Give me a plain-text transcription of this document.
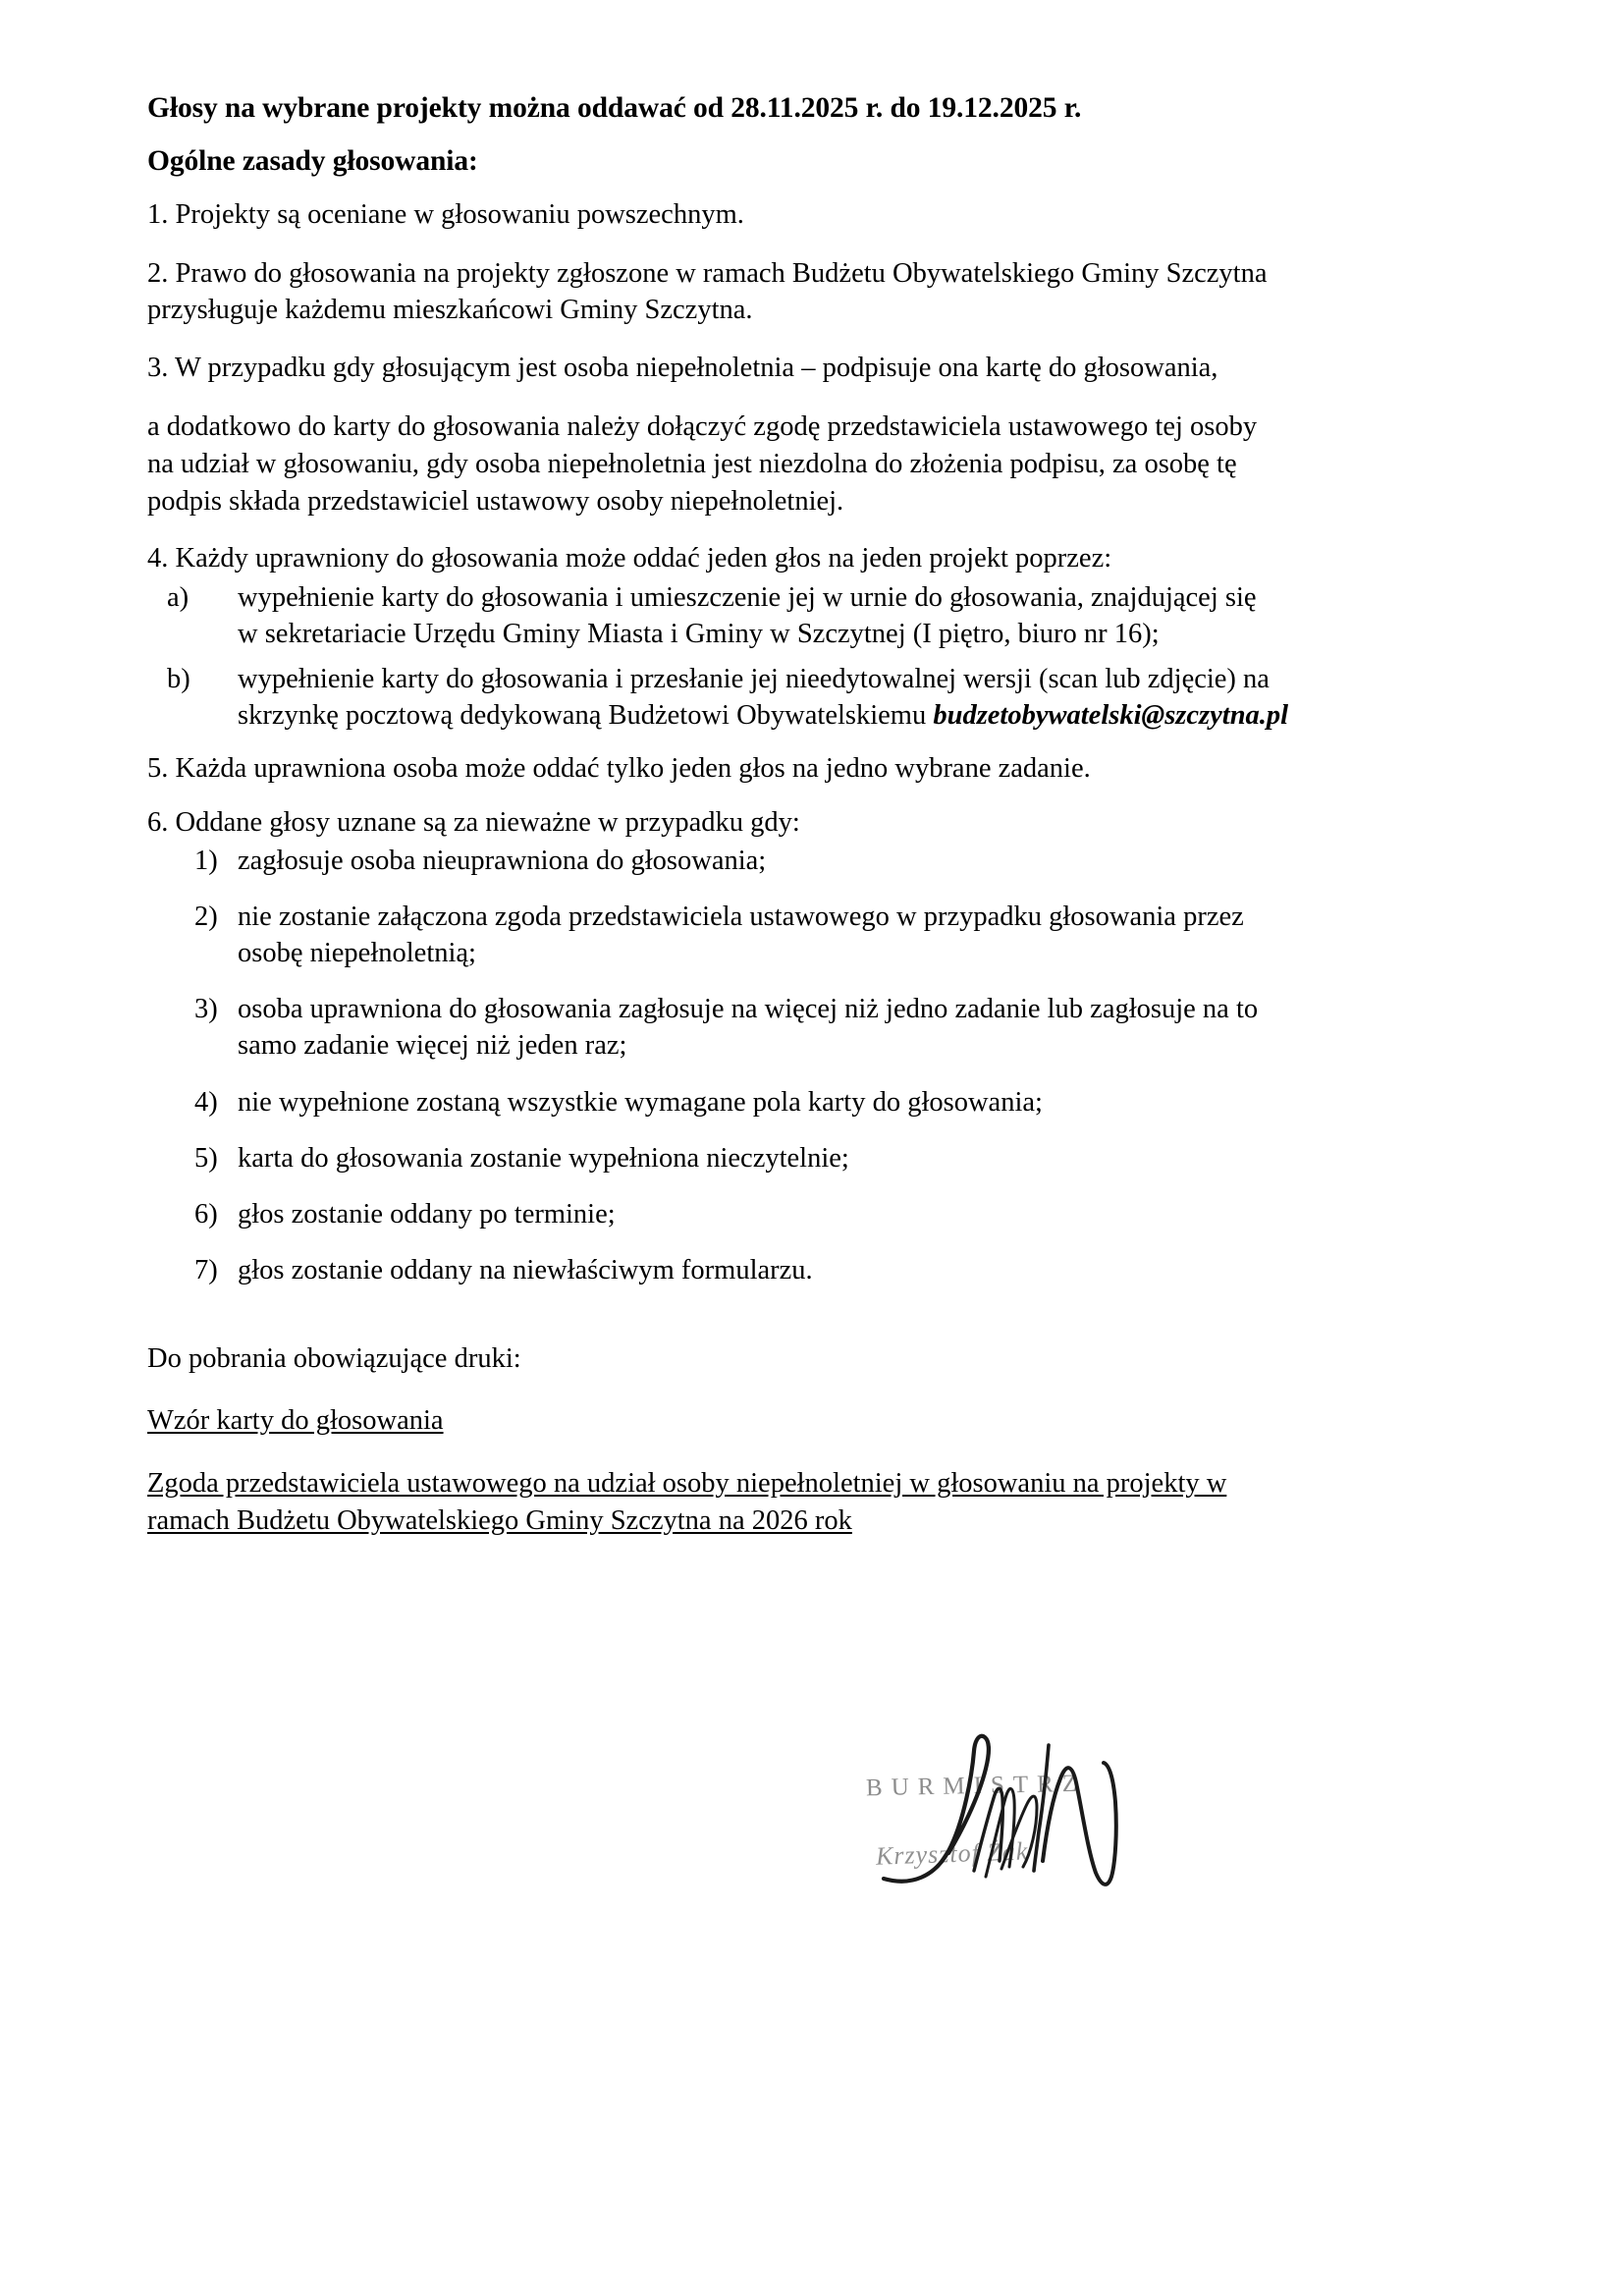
Głosy na wybrane projekty można oddawać od 28.11.2025 r. do 19.12.2025 r.

Ogólne zasady głosowania:

1. Projekty są oceniane w głosowaniu powszechnym.

2. Prawo do głosowania na projekty zgłoszone w ramach Budżetu Obywatelskiego Gminy Szczytna
przysługuje każdemu mieszkańcowi Gminy Szczytna.

3. W przypadku gdy głosującym jest osoba niepełnoletnia – podpisuje ona kartę do głosowania,

a dodatkowo do karty do głosowania należy dołączyć zgodę przedstawiciela ustawowego tej osoby
na udział w głosowaniu, gdy osoba niepełnoletnia jest niezdolna do złożenia podpisu, za osobę tę
podpis składa przedstawiciel ustawowy osoby niepełnoletniej.

4. Każdy uprawniony do głosowania może oddać jeden głos na jeden projekt poprzez:

a)	wypełnienie karty do głosowania i umieszczenie jej w urnie do głosowania, znajdującej się
w sekretariacie Urzędu Gminy Miasta i Gminy w Szczytnej (I piętro, biuro nr 16);
b)	wypełnienie karty do głosowania i przesłanie jej nieedytowalnej wersji (scan lub zdjęcie) na
skrzynkę pocztową dedykowaną Budżetowi Obywatelskiemu budzetobywatelski@szczytna.pl

5. Każda uprawniona osoba może oddać tylko jeden głos na jedno wybrane zadanie.

6. Oddane głosy uznane są za nieważne w przypadku gdy:

1) zagłosuje osoba nieuprawniona do głosowania;
2) nie zostanie załączona zgoda przedstawiciela ustawowego w przypadku głosowania przez
osobę niepełnoletnią;
3) osoba uprawniona do głosowania zagłosuje na więcej niż jedno zadanie lub zagłosuje na to
samo zadanie więcej niż jeden raz;
4) nie wypełnione zostaną wszystkie wymagane pola karty do głosowania;
5) karta do głosowania zostanie wypełniona nieczytelnie;
6) głos zostanie oddany po terminie;
7) głos zostanie oddany na niewłaściwym formularzu.

Do pobrania obowiązujące druki:

Wzór karty do głosowania
Zgoda przedstawiciela ustawowego na udział osoby niepełnoletniej w głosowaniu na projekty w
ramach Budżetu Obywatelskiego Gminy Szczytna na 2026 rok
BURMISTRZ
Krzysztof Żak
